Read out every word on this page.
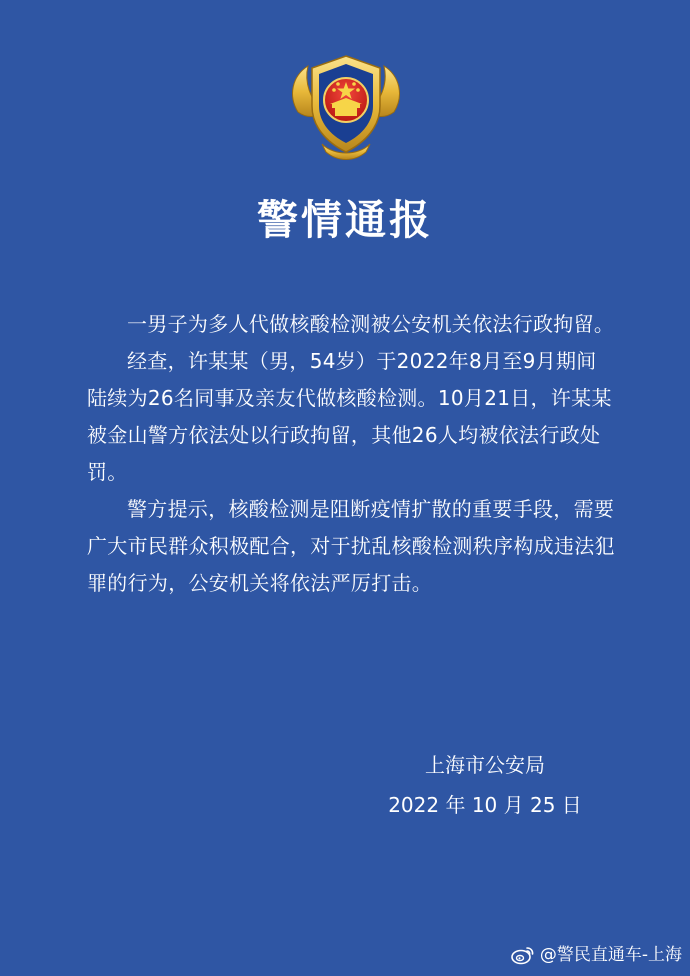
警情通报

一男子为多人代做核酸检测被公安机关依法行政拘留。

经查，许某某（男，54岁）于2022年8月至9月期间陆续为26名同事及亲友代做核酸检测。10月21日，许某某被金山警方依法处以行政拘留，其他26人均被依法行政处罚。

警方提示，核酸检测是阻断疫情扩散的重要手段，需要广大市民群众积极配合，对于扰乱核酸检测秩序构成违法犯罪的行为，公安机关将依法严厉打击。

上海市公安局
2022 年 10 月 25 日
@警民直通车-上海
